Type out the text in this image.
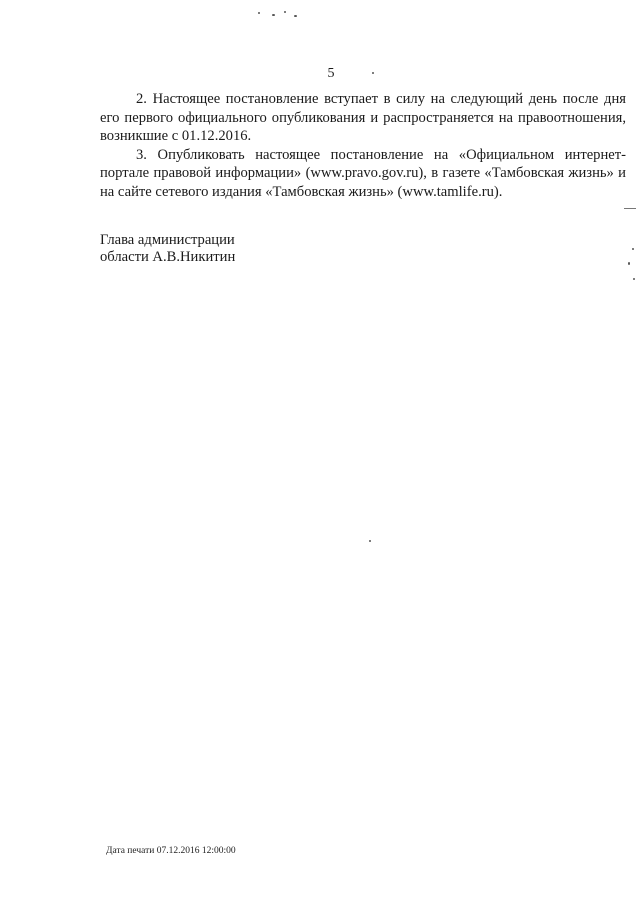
5

2. Настоящее постановление вступает в силу на следующий день после дня его первого официального опубликования и распространяется на правоотношения, возникшие с 01.12.2016.

3. Опубликовать настоящее постановление на «Официальном интернет-портале правовой информации» (www.pravo.gov.ru), в газете «Тамбовская жизнь» и на сайте сетевого издания «Тамбовская жизнь» (www.tamlife.ru).

Глава администрации
области А.В.Никитин
Дата печати 07.12.2016 12:00:00
